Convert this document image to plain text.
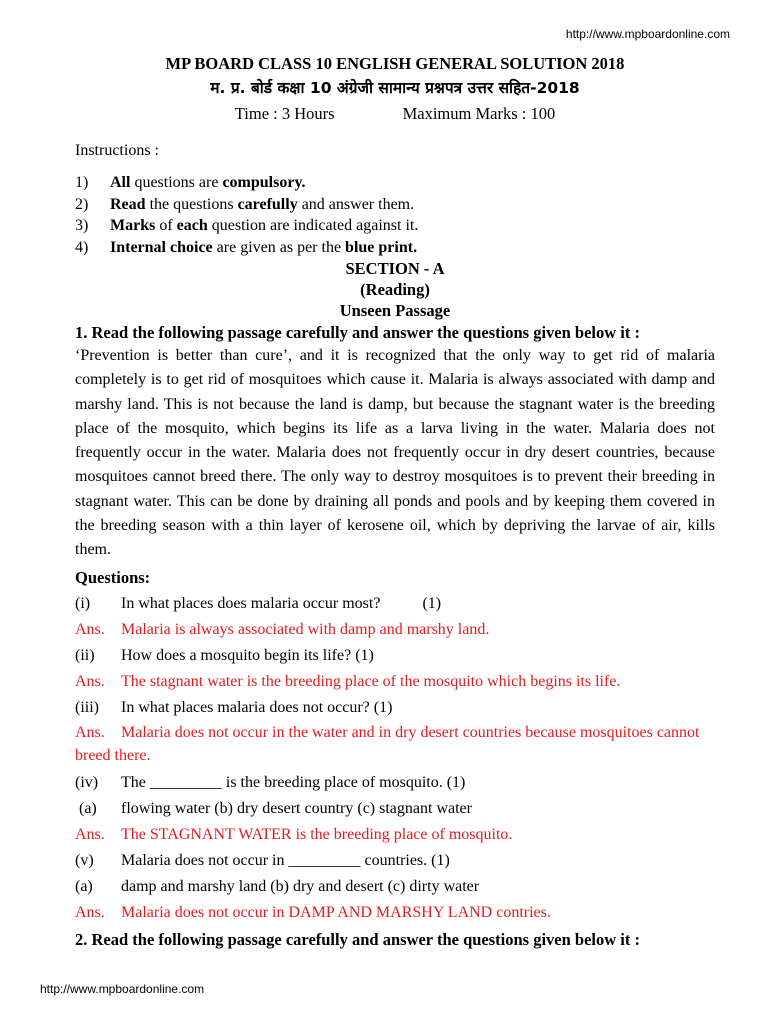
http://www.mpboardonline.com
MP BOARD CLASS 10 ENGLISH GENERAL SOLUTION 2018
म. प्र. बोर्ड कक्षा 10 अंग्रेजी सामान्य प्रश्नपत्र उत्तर सहित-2018
Time : 3 Hours	Maximum Marks : 100
Instructions :
1)	All questions are compulsory.
2)	Read the questions carefully and answer them.
3)	Marks of each question are indicated against it.
4)	Internal choice are given as per the blue print.
SECTION - A
(Reading)
Unseen Passage
1. Read the following passage carefully and answer the questions given below it :

‘Prevention is better than cure’, and it is recognized that the only way to get rid of malaria completely is to get rid of mosquitoes which cause it. Malaria is always associated with damp and marshy land. This is not because the land is damp, but because the stagnant water is the breeding place of the mosquito, which begins its life as a larva living in the water. Malaria does not frequently occur in the water. Malaria does not frequently occur in dry desert countries, because mosquitoes cannot breed there. The only way to destroy mosquitoes is to prevent their breeding in stagnant water. This can be done by draining all ponds and pools and by keeping them covered in the breeding season with a thin layer of kerosene oil, which by depriving the larvae of air, kills them.

Questions:
(i)	In what places does malaria occur most?	(1)
Ans.	Malaria is always associated with damp and marshy land.
(ii)	How does a mosquito begin its life? (1)
Ans.	The stagnant water is the breeding place of the mosquito which begins its life.
(iii)	In what places malaria does not occur? (1)
Ans. Malaria does not occur in the water and in dry desert countries because mosquitoes cannot breed there.
(iv)	The _________ is the breeding place of mosquito. (1)
(a)	flowing water (b) dry desert country (c) stagnant water
Ans.	The STAGNANT WATER is the breeding place of mosquito.
(v)	Malaria does not occur in _________ countries. (1)
(a)	damp and marshy land (b) dry and desert (c) dirty water
Ans.	Malaria does not occur in DAMP AND MARSHY LAND contries.
2. Read the following passage carefully and answer the questions given below it :
http://www.mpboardonline.com
